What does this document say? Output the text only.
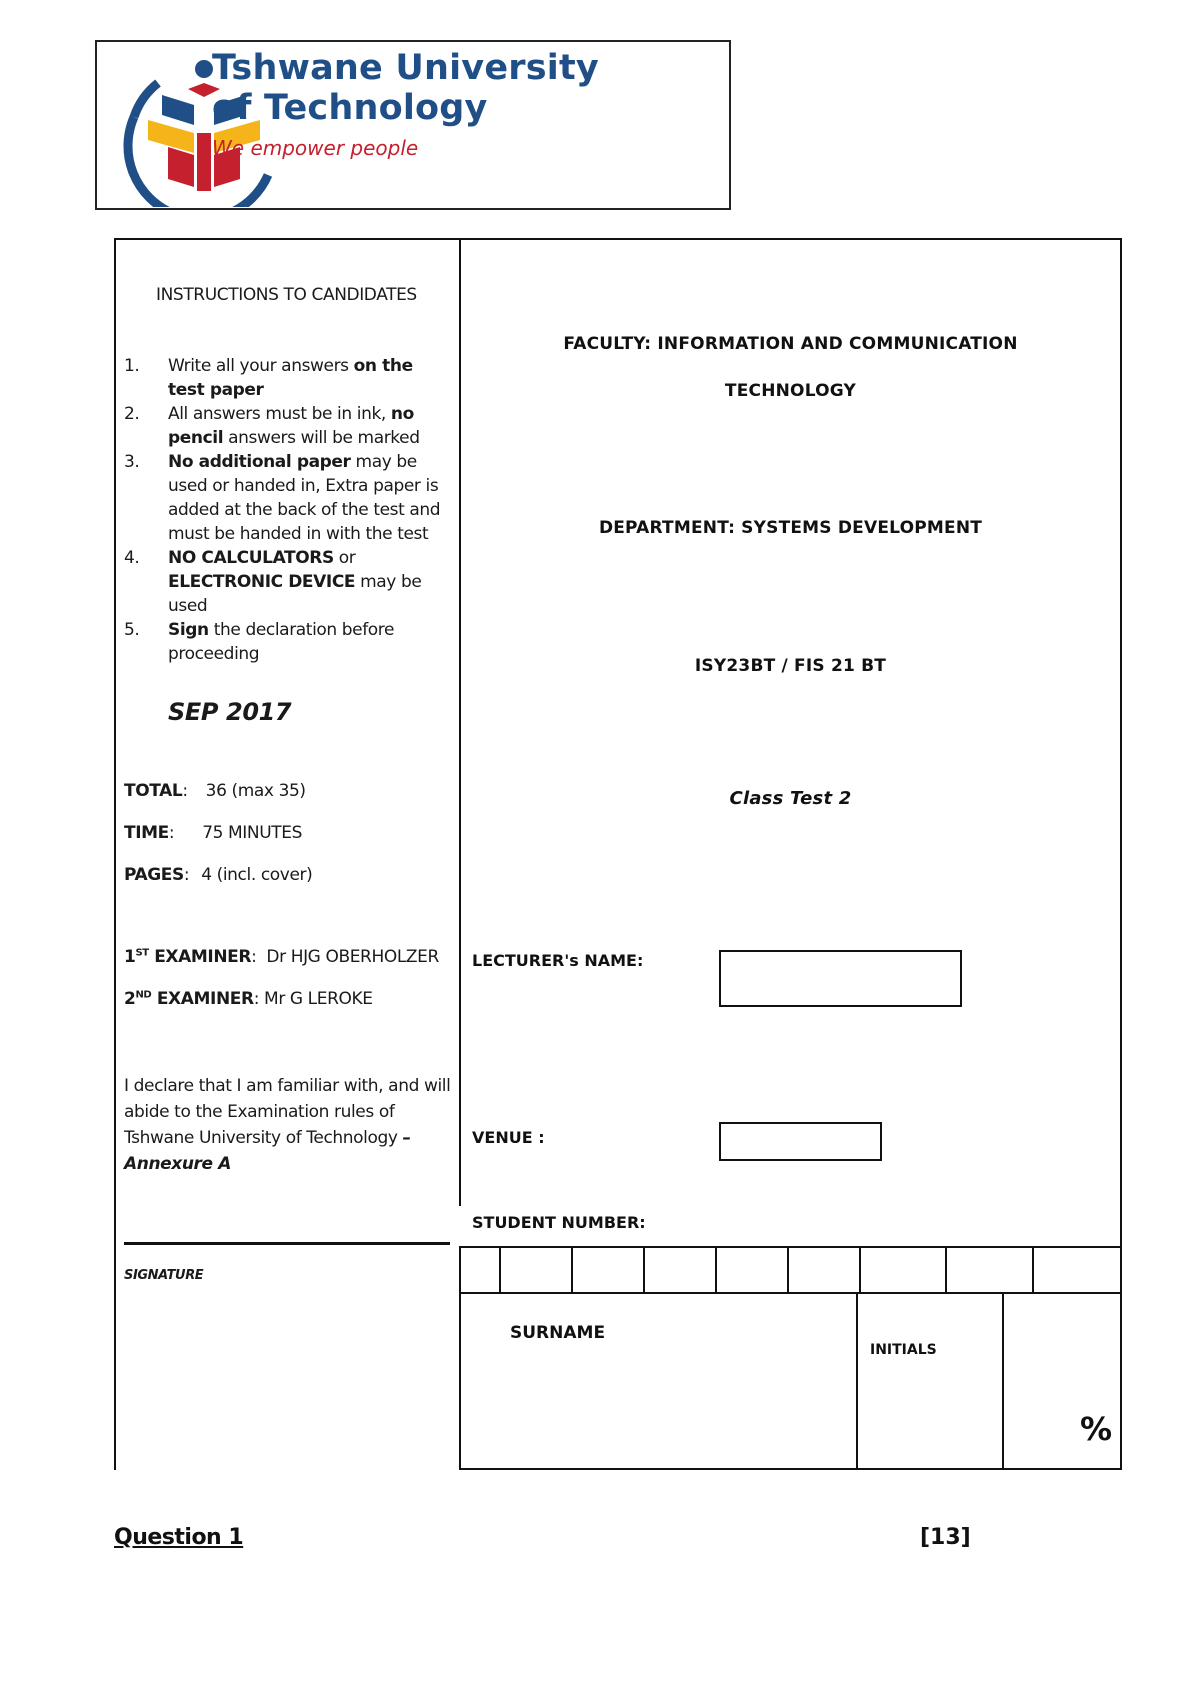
Tshwane University
of Technology
We empower people
INSTRUCTIONS TO CANDIDATES
1. Write all your answers on the test paper
2. All answers must be in ink, no pencil answers will be marked
3. No additional paper may be used or handed in, Extra paper is added at the back of the test and must be handed in with the test
4. NO CALCULATORS or ELECTRONIC DEVICE may be used
5. Sign the declaration before proceeding
SEP 2017
TOTAL: 36 (max 35)
TIME: 75 MINUTES
PAGES: 4 (incl. cover)
1ST EXAMINER:  Dr HJG OBERHOLZER
2ND EXAMINER: Mr G LEROKE
I declare that I am familiar with, and will abide to the Examination rules of Tshwane University of Technology – Annexure A
SIGNATURE
FACULTY: INFORMATION AND COMMUNICATION
TECHNOLOGY
DEPARTMENT: SYSTEMS DEVELOPMENT
ISY23BT / FIS 21 BT
Class Test 2
LECTURER's NAME:
VENUE :
STUDENT NUMBER:
SURNAME
INITIALS
%
Question 1	[13]
